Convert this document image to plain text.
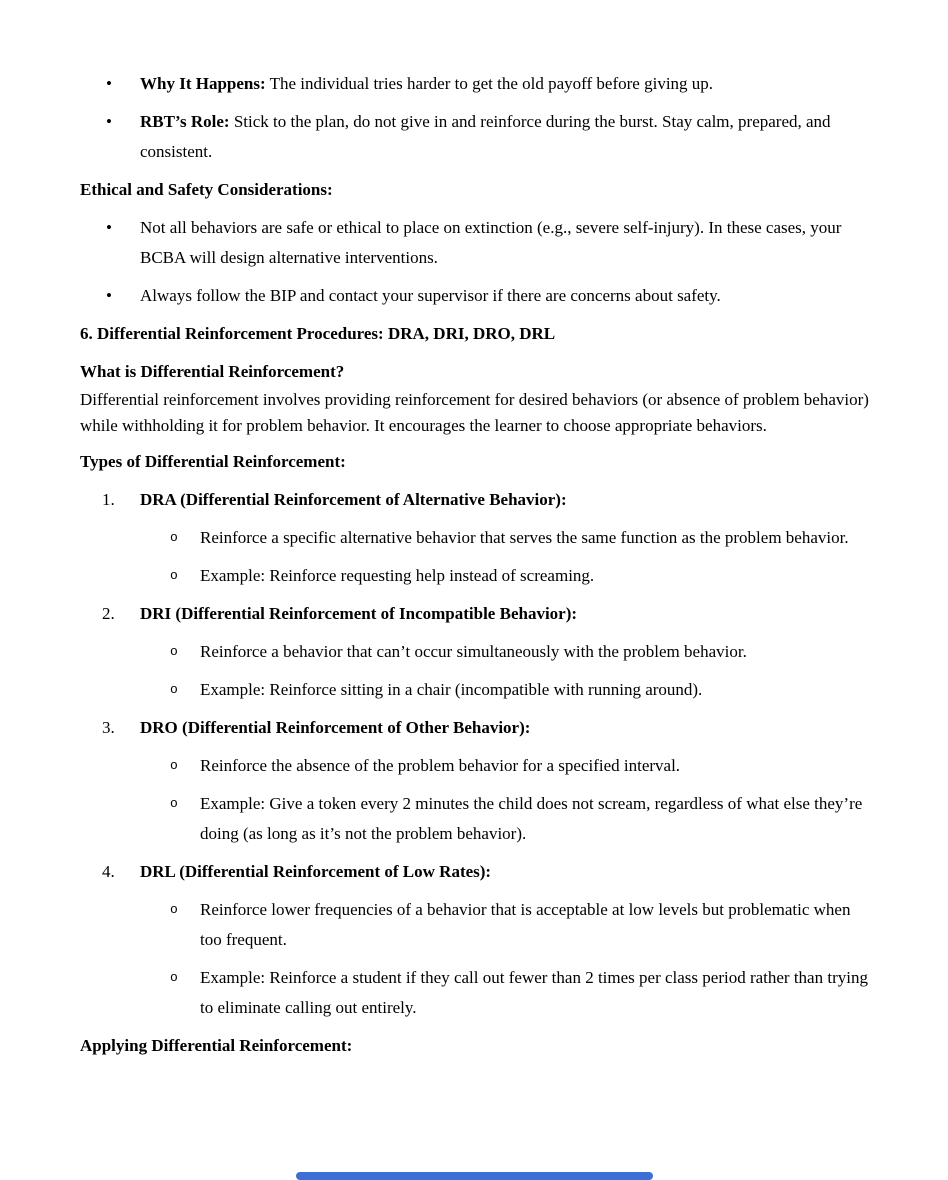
•	Why It Happens: The individual tries harder to get the old payoff before giving up.
•	RBT’s Role: Stick to the plan, do not give in and reinforce during the burst. Stay calm, prepared, and consistent.
Ethical and Safety Considerations:
•	Not all behaviors are safe or ethical to place on extinction (e.g., severe self-injury). In these cases, your BCBA will design alternative interventions.
•	Always follow the BIP and contact your supervisor if there are concerns about safety.
6. Differential Reinforcement Procedures: DRA, DRI, DRO, DRL
What is Differential Reinforcement?
Differential reinforcement involves providing reinforcement for desired behaviors (or absence of problem behavior) while withholding it for problem behavior. It encourages the learner to choose appropriate behaviors.
Types of Differential Reinforcement:
1.	DRA (Differential Reinforcement of Alternative Behavior):
o	Reinforce a specific alternative behavior that serves the same function as the problem behavior.
o	Example: Reinforce requesting help instead of screaming.
2.	DRI (Differential Reinforcement of Incompatible Behavior):
o	Reinforce a behavior that can’t occur simultaneously with the problem behavior.
o	Example: Reinforce sitting in a chair (incompatible with running around).
3.	DRO (Differential Reinforcement of Other Behavior):
o	Reinforce the absence of the problem behavior for a specified interval.
o	Example: Give a token every 2 minutes the child does not scream, regardless of what else they’re doing (as long as it’s not the problem behavior).
4.	DRL (Differential Reinforcement of Low Rates):
o	Reinforce lower frequencies of a behavior that is acceptable at low levels but problematic when too frequent.
o	Example: Reinforce a student if they call out fewer than 2 times per class period rather than trying to eliminate calling out entirely.
Applying Differential Reinforcement:
